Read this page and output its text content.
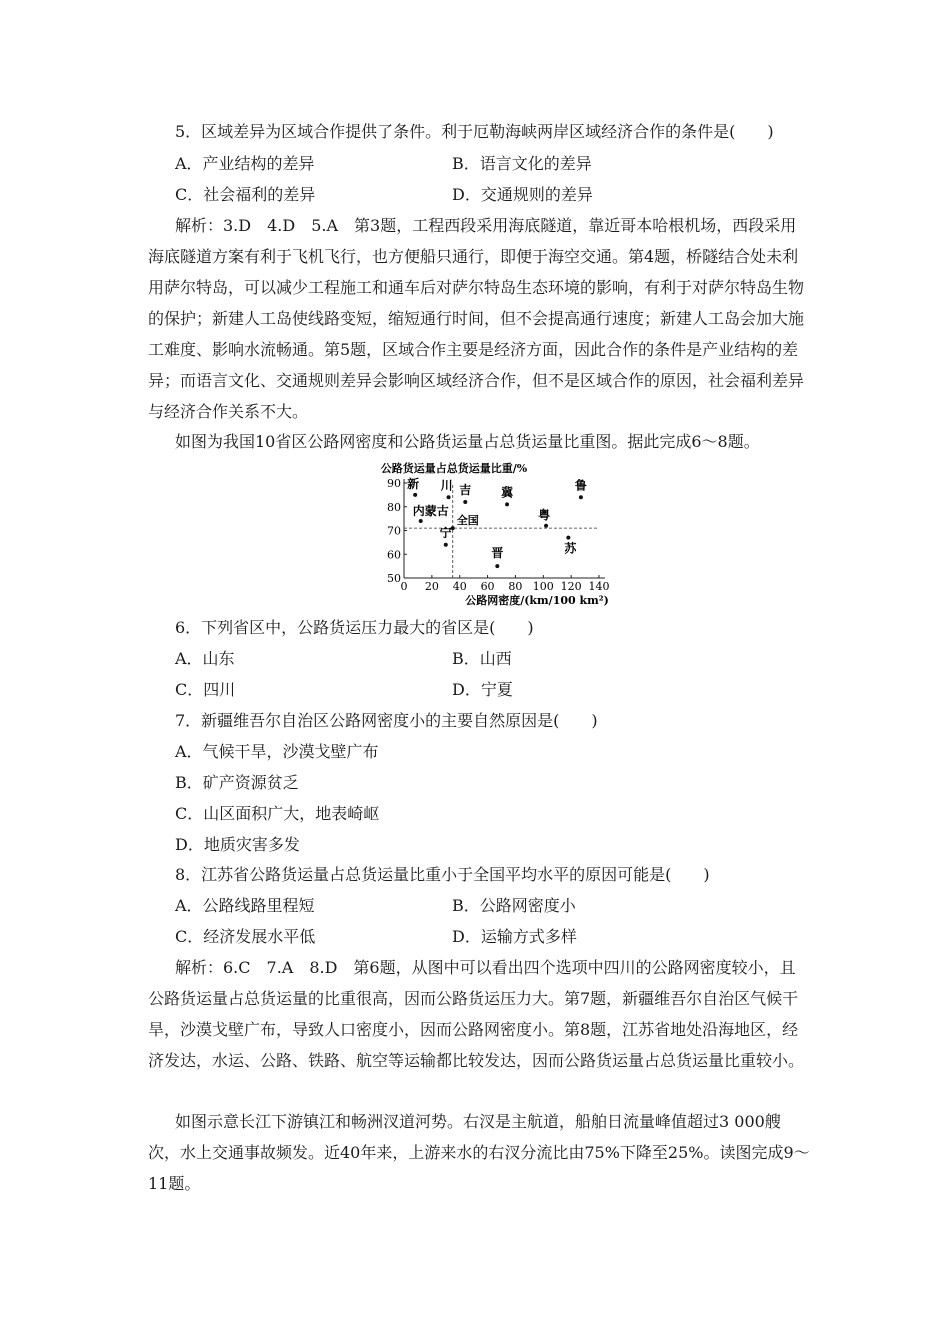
5．区域差异为区域合作提供了条件。利于厄勒海峡两岸区域经济合作的条件是(　　)
A．产业结构的差异	B．语言文化的差异
C．社会福利的差异	D．交通规则的差异
解析：3.D　4.D　5.A　第3题，工程西段采用海底隧道，靠近哥本哈根机场，西段采用海底隧道方案有利于飞机飞行，也方便船只通行，即便于海空交通。第4题，桥隧结合处未利用萨尔特岛，可以减少工程施工和通车后对萨尔特岛生态环境的影响，有利于对萨尔特岛生物的保护；新建人工岛使线路变短，缩短通行时间，但不会提高通行速度；新建人工岛会加大施工难度、影响水流畅通。第5题，区域合作主要是经济方面，因此合作的条件是产业结构的差异；而语言文化、交通规则差异会影响区域经济合作，但不是区域合作的原因，社会福利差异与经济合作关系不大。
如图为我国10省区公路网密度和公路货运量占总货运量比重图。据此完成6～8题。
公路货运量占总货运量比重/%
0 20 40 60 80 100 120 140
50
60
70
80
90
全国
新 川 吉 冀
鲁
内蒙古
宁
粤
苏
晋
公路网密度/(km/100 km²)
6．下列省区中，公路货运压力最大的省区是(　　)
A．山东	B．山西
C．四川	D．宁夏
7．新疆维吾尔自治区公路网密度小的主要自然原因是(　　)
A．气候干旱，沙漠戈壁广布
B．矿产资源贫乏
C．山区面积广大，地表崎岖
D．地质灾害多发
8．江苏省公路货运量占总货运量比重小于全国平均水平的原因可能是(　　)
A．公路线路里程短	B．公路网密度小
C．经济发展水平低	D．运输方式多样
解析：6.C　7.A　8.D　第6题，从图中可以看出四个选项中四川的公路网密度较小，且公路货运量占总货运量的比重很高，因而公路货运压力大。第7题，新疆维吾尔自治区气候干旱，沙漠戈壁广布，导致人口密度小，因而公路网密度小。第8题，江苏省地处沿海地区，经济发达，水运、公路、铁路、航空等运输都比较发达，因而公路货运量占总货运量比重较小。
如图示意长江下游镇江和畅洲汊道河势。右汊是主航道，船舶日流量峰值超过3 000艘次，水上交通事故频发。近40年来，上游来水的右汊分流比由75%下降至25%。读图完成9～11题。
